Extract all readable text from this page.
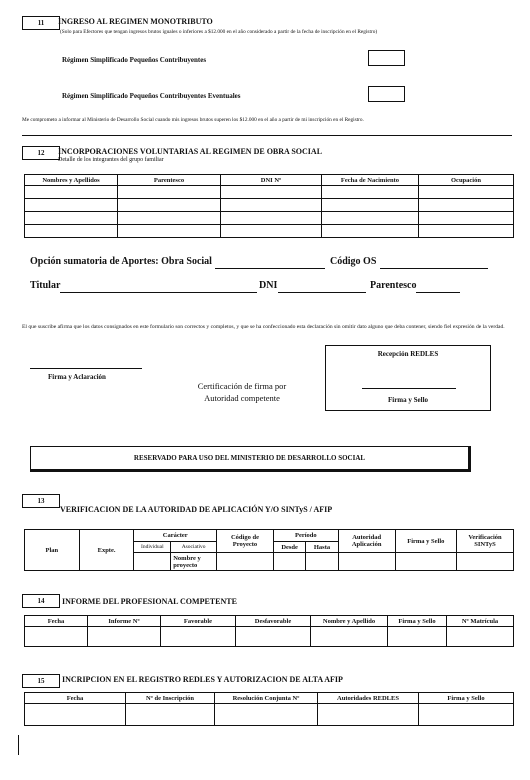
11	INGRESO AL REGIMEN MONOTRIBUTO
(Solo para Efectores que tengan ingresos brutos iguales o inferiores a $12.000 en el año considerado a partir de la fecha de inscripción en el Registro)
Régimen Simplificado Pequeños Contribuyentes
Régimen Simplificado Pequeños Contribuyentes Eventuales
Me comprometo a informar al Ministerio de Desarrollo Social cuando mis ingresos brutos superen los $12.000 en el año a partir de mi inscripción en el Registro.
12	INCORPORACIONES VOLUNTARIAS AL REGIMEN DE OBRA SOCIAL
Detalle de los integrantes del grupo familiar
Nombres y Apellidos	Parentesco	DNI Nº	Fecha de Nacimiento	Ocupación

Opción sumatoria de Aportes: Obra Social	Código OS
Titular	DNI	Parentesco
El que suscribe afirma que los datos consignados en este formulario son correctos y completos, y que se ha confeccionado esta declaración sin omitir dato alguno que deba contener, siendo fiel expresión de la verdad.
Firma y Aclaración
Certificación de firma por Autoridad competente
Recepción REDLES
Firma y Sello
RESERVADO PARA USO DEL MINISTERIO DE DESARROLLO SOCIAL
13
VERIFICACION DE LA AUTORIDAD DE APLICACIÓN Y/O SINTyS / AFIP
Plan	Expte.	Carácter		Código de Proyecto	Período		Autoridad Aplicación	Firma y Sello	Verificación SINTyS
		Individual	Asociativo		Desde	Hasta			
			Nombre y proyecto						
14	INFORME DEL PROFESIONAL COMPETENTE
Fecha	Informe Nº	Favorable	Desfavorable	Nombre y Apellido	Firma y Sello	Nº Matrícula

15	INCRIPCION EN EL REGISTRO REDLES Y AUTORIZACION DE ALTA AFIP
Fecha	Nº de Inscripción	Resolución Conjunta Nº	Autoridades REDLES	Firma y Sello
